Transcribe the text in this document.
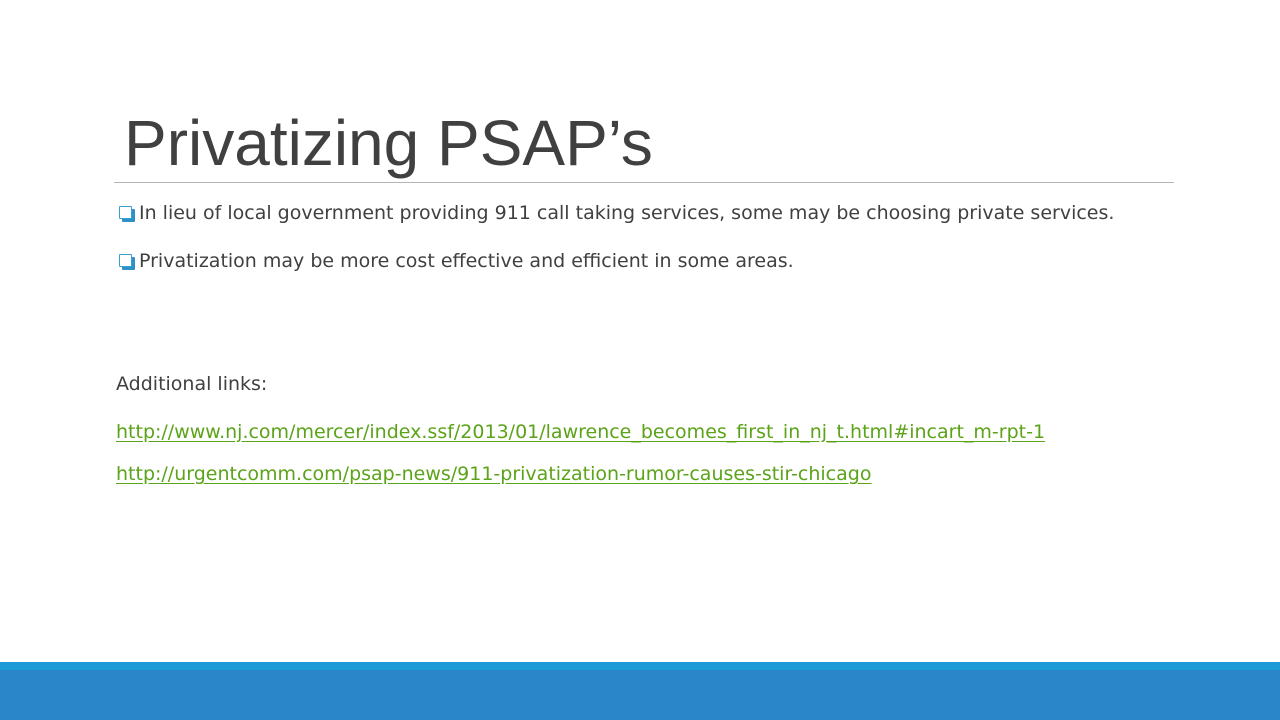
Privatizing PSAP’s
In lieu of local government providing 911 call taking services, some may be choosing private services.
Privatization may be more cost effective and efficient in some areas.
Additional links:
http://www.nj.com/mercer/index.ssf/2013/01/lawrence_becomes_first_in_nj_t.html#incart_m-rpt-1
http://urgentcomm.com/psap-news/911-privatization-rumor-causes-stir-chicago
